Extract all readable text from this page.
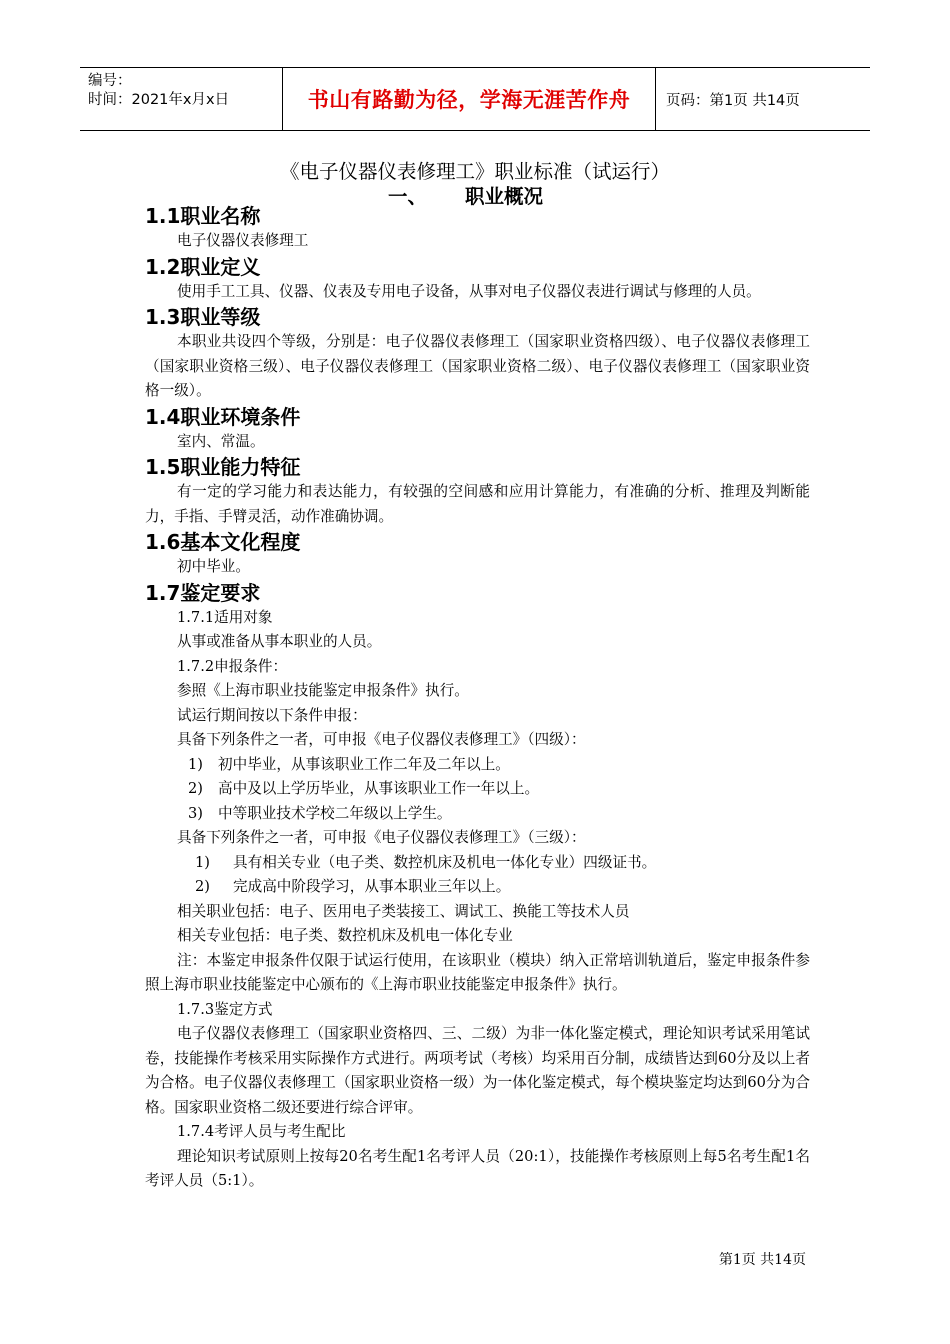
编号：
时间：2021年x月x日	书山有路勤为径，学海无涯苦作舟	页码：第1页 共14页
《电子仪器仪表修理工》职业标准（试运行）
一、 职业概况
1.1职业名称

电子仪器仪表修理工

1.2职业定义

使用手工工具、仪器、仪表及专用电子设备，从事对电子仪器仪表进行调试与修理的人员。

1.3职业等级

本职业共设四个等级，分别是：电子仪器仪表修理工（国家职业资格四级）、电子仪器仪表修理工（国家职业资格三级）、电子仪器仪表修理工（国家职业资格二级）、电子仪器仪表修理工（国家职业资格一级）。

1.4职业环境条件

室内、常温。

1.5职业能力特征

有一定的学习能力和表达能力，有较强的空间感和应用计算能力，有准确的分析、推理及判断能力，手指、手臂灵活，动作准确协调。

1.6基本文化程度

初中毕业。

1.7鉴定要求

1.7.1适用对象

从事或准备从事本职业的人员。

1.7.2申报条件：

参照《上海市职业技能鉴定申报条件》执行。

试运行期间按以下条件申报：

具备下列条件之一者，可申报《电子仪器仪表修理工》（四级）：

1) 初中毕业，从事该职业工作二年及二年以上。

2) 高中及以上学历毕业，从事该职业工作一年以上。

3) 中等职业技术学校二年级以上学生。

具备下列条件之一者，可申报《电子仪器仪表修理工》（三级）：

1) 具有相关专业（电子类、数控机床及机电一体化专业）四级证书。

2) 完成高中阶段学习，从事本职业三年以上。

相关职业包括：电子、医用电子类装接工、调试工、换能工等技术人员

相关专业包括：电子类、数控机床及机电一体化专业

注：本鉴定申报条件仅限于试运行使用，在该职业（模块）纳入正常培训轨道后，鉴定申报条件参照上海市职业技能鉴定中心颁布的《上海市职业技能鉴定申报条件》执行。

1.7.3鉴定方式

电子仪器仪表修理工（国家职业资格四、三、二级）为非一体化鉴定模式，理论知识考试采用笔试卷，技能操作考核采用实际操作方式进行。两项考试（考核）均采用百分制，成绩皆达到60分及以上者为合格。电子仪器仪表修理工（国家职业资格一级）为一体化鉴定模式，每个模块鉴定均达到60分为合格。国家职业资格二级还要进行综合评审。

1.7.4考评人员与考生配比

理论知识考试原则上按每20名考生配1名考评人员（20:1），技能操作考核原则上每5名考生配1名考评人员（5:1）。

第1页 共14页
